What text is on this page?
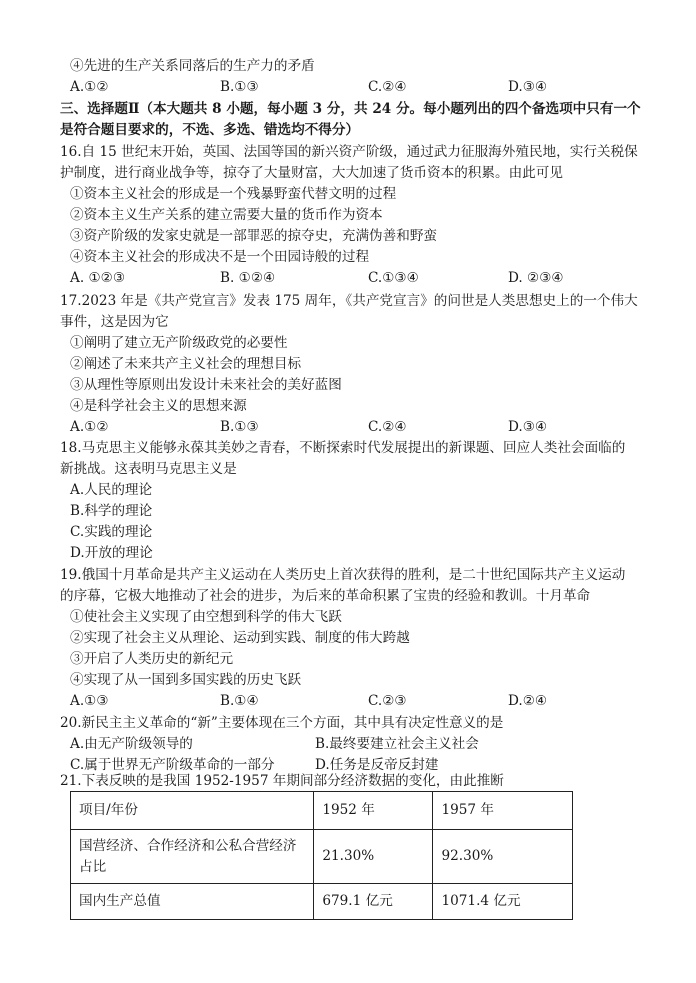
④先进的生产关系同落后的生产力的矛盾
A.①②	B.①③	C.②④	D.③④
三、选择题Ⅱ（本大题共 8 小题，每小题 3 分，共 24 分。每小题列出的四个备选项中只有一个
是符合题目要求的，不选、多选、错选均不得分）
16.自 15 世纪末开始，英国、法国等国的新兴资产阶级，通过武力征服海外殖民地，实行关税保
护制度，进行商业战争等，掠夺了大量财富，大大加速了货币资本的积累。由此可见
①资本主义社会的形成是一个残暴野蛮代替文明的过程
②资本主义生产关系的建立需要大量的货币作为资本
③资产阶级的发家史就是一部罪恶的掠夺史，充满伪善和野蛮
④资本主义社会的形成决不是一个田园诗般的过程
A. ①②③	B. ①②④	C.①③④	D. ②③④
17.2023 年是《共产党宣言》发表 175 周年，《共产党宣言》的问世是人类思想史上的一个伟大
事件，这是因为它
①阐明了建立无产阶级政党的必要性
②阐述了未来共产主义社会的理想目标
③从理性等原则出发设计未来社会的美好蓝图
④是科学社会主义的思想来源
A.①②	B.①③	C.②④	D.③④
18.马克思主义能够永葆其美妙之青春，不断探索时代发展提出的新课题、回应人类社会面临的
新挑战。这表明马克思主义是
A.人民的理论
B.科学的理论
C.实践的理论
D.开放的理论
19.俄国十月革命是共产主义运动在人类历史上首次获得的胜利，是二十世纪国际共产主义运动
的序幕，它极大地推动了社会的进步，为后来的革命积累了宝贵的经验和教训。十月革命
①使社会主义实现了由空想到科学的伟大飞跃
②实现了社会主义从理论、运动到实践、制度的伟大跨越
③开启了人类历史的新纪元
④实现了从一国到多国实践的历史飞跃
A.①③	B.①④	C.②③	D.②④
20.新民主主义革命的“新”主要体现在三个方面，其中具有决定性意义的是
A.由无产阶级领导的	B.最终要建立社会主义社会
C.属于世界无产阶级革命的一部分	D.任务是反帝反封建
21.下表反映的是我国 1952-1957 年期间部分经济数据的变化，由此推断
项目/年份	1952 年	1957 年
国营经济、合作经济和公私合营经济占比	21.30%	92.30%
国内生产总值	679.1 亿元	1071.4 亿元
